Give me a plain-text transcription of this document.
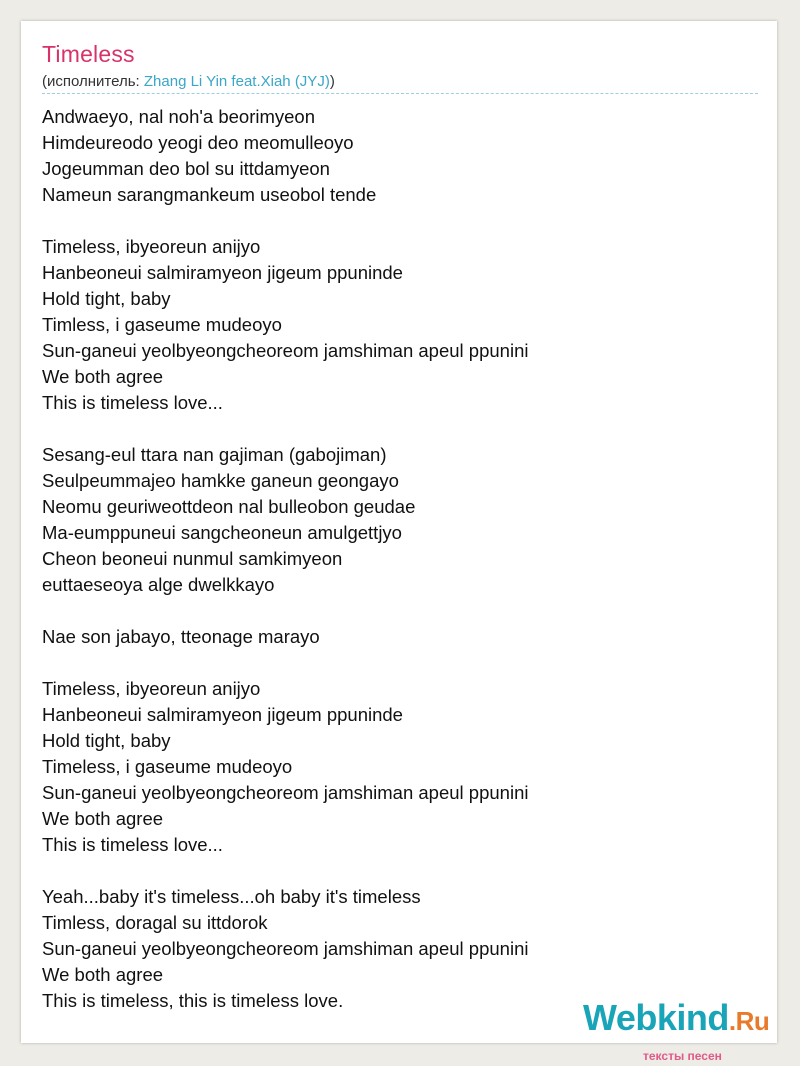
Timeless
(исполнитель: Zhang Li Yin feat.Xiah (JYJ))
Andwaeyo, nal noh'a beorimyeon
Himdeureodo yeogi deo meomulleoyo
Jogeumman deo bol su ittdamyeon
Nameun sarangmankeum useobol tende
Timeless, ibyeoreun anijyo
Hanbeoneui salmiramyeon jigeum ppuninde
Hold tight, baby
Timless, i gaseume mudeoyo
Sun-ganeui yeolbyeongcheoreom jamshiman apeul ppunini
We both agree
This is timeless love...
Sesang-eul ttara nan gajiman (gabojiman)
Seulpeummajeo hamkke ganeun geongayo
Neomu geuriweottdeon nal bulleobon geudae
Ma-eumppuneui sangcheoneun amulgettjyo
Cheon beoneui nunmul samkimyeon
euttaeseoya alge dwelkkayo
Nae son jabayo, tteonage marayo
Timeless, ibyeoreun anijyo
Hanbeoneui salmiramyeon jigeum ppuninde
Hold tight, baby
Timeless, i gaseume mudeoyo
Sun-ganeui yeolbyeongcheoreom jamshiman apeul ppunini
We both agree
This is timeless love...
Yeah...baby it's timeless...oh baby it's timeless
Timless, doragal su ittdorok
Sun-ganeui yeolbyeongcheoreom jamshiman apeul ppunini
We both agree
This is timeless, this is timeless love.	Webkind.Ru
тексты песен
